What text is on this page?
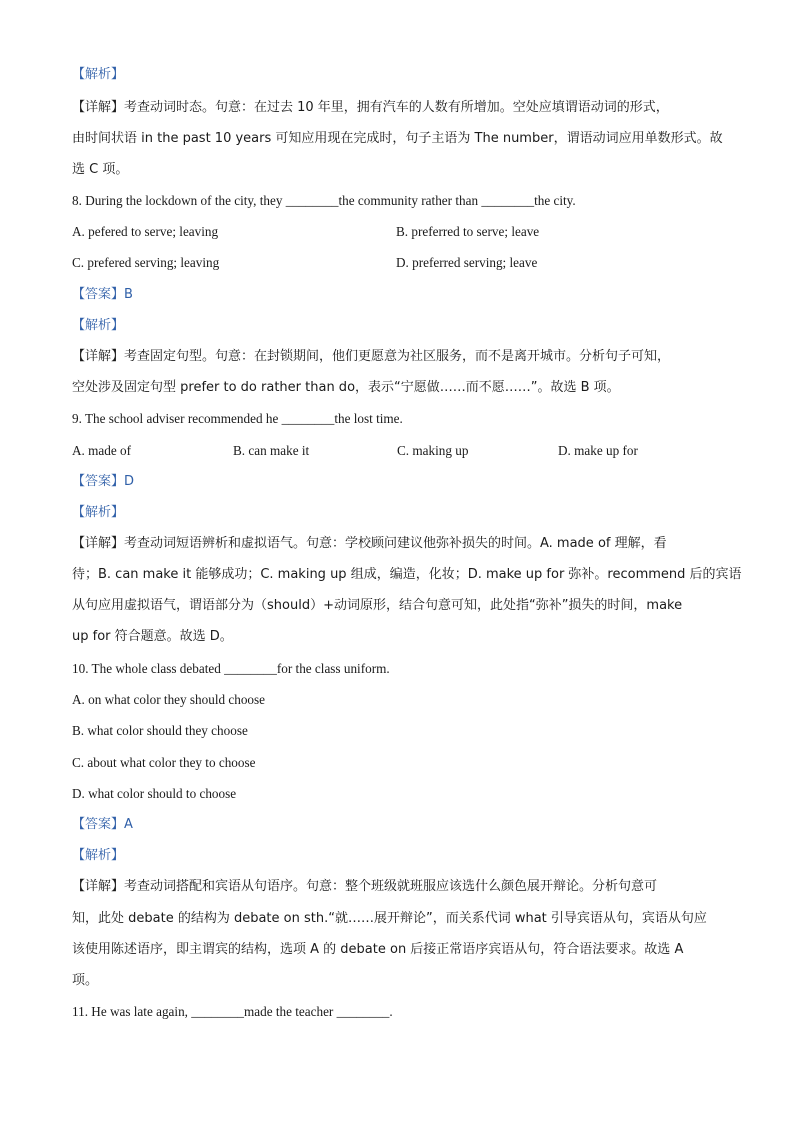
【解析】
【详解】考查动词时态。句意：在过去 10 年里，拥有汽车的人数有所增加。空处应填谓语动词的形式，
由时间状语 in the past 10 years 可知应用现在完成时，句子主语为 The number，谓语动词应用单数形式。故
选 C 项。
8. During the lockdown of the city, they ________the community rather than ________the city.
A. pefered to serve; leaving	B. preferred to serve; leave
C. prefered serving; leaving	D. preferred serving; leave
【答案】B
【解析】
【详解】考查固定句型。句意：在封锁期间，他们更愿意为社区服务，而不是离开城市。分析句子可知，
空处涉及固定句型 prefer to do rather than do，表示“宁愿做……而不愿……”。故选 B 项。
9. The school adviser recommended he ________the lost time.
A. made of	B. can make it	C. making up	D. make up for
【答案】D
【解析】
【详解】考查动词短语辨析和虚拟语气。句意：学校顾问建议他弥补损失的时间。A. made of 理解，看
待；B. can make it 能够成功；C. making up 组成，编造，化妆；D. make up for 弥补。recommend 后的宾语
从句应用虚拟语气，谓语部分为（should）+动词原形，结合句意可知，此处指“弥补”损失的时间，make
up for 符合题意。故选 D。
10. The whole class debated ________for the class uniform.
A. on what color they should choose
B. what color should they choose
C. about what color they to choose
D. what color should to choose
【答案】A
【解析】
【详解】考查动词搭配和宾语从句语序。句意：整个班级就班服应该选什么颜色展开辩论。分析句意可
知，此处 debate 的结构为 debate on sth.“就……展开辩论”，而关系代词 what 引导宾语从句，宾语从句应
该使用陈述语序，即主谓宾的结构，选项 A 的 debate on 后接正常语序宾语从句，符合语法要求。故选 A
项。
11. He was late again, ________made the teacher ________.
